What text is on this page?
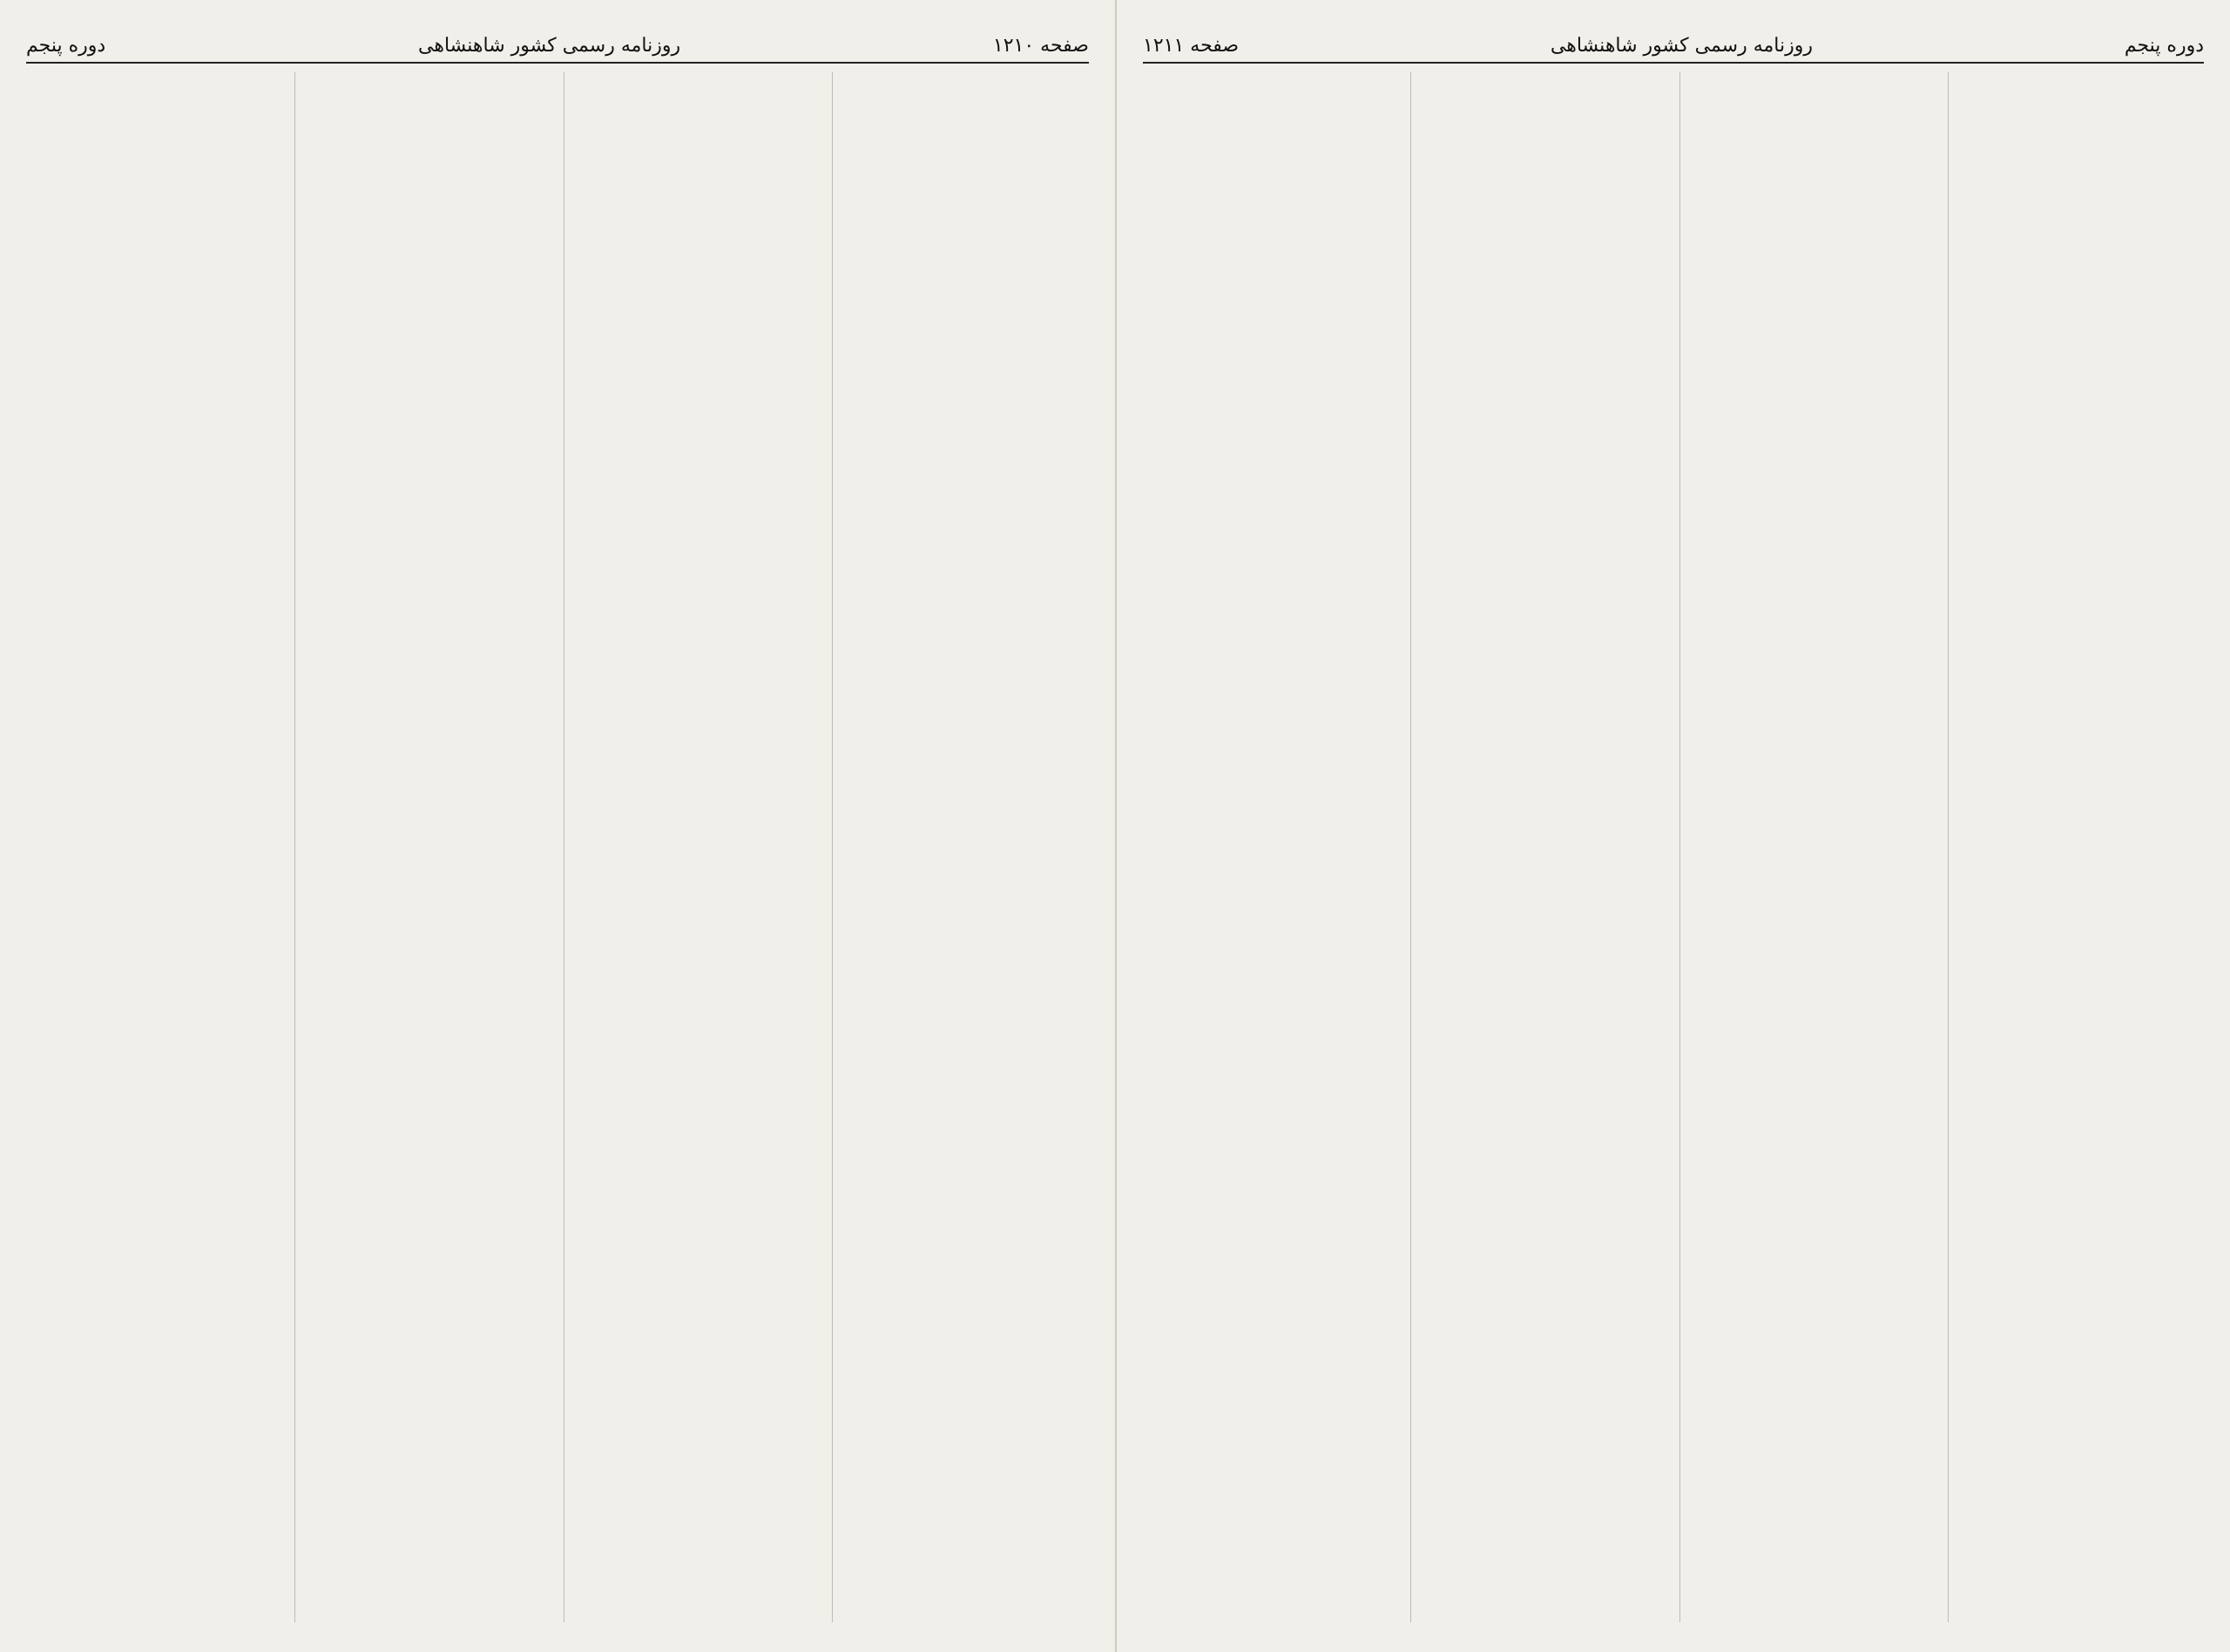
صفحه ۱۲۱۰
روزنامه رسمی کشور شاهنشاهی
دوره پنجم	دوره پنجم
روزنامه رسمی کشور شاهنشاهی
صفحه ۱۲۱۱
